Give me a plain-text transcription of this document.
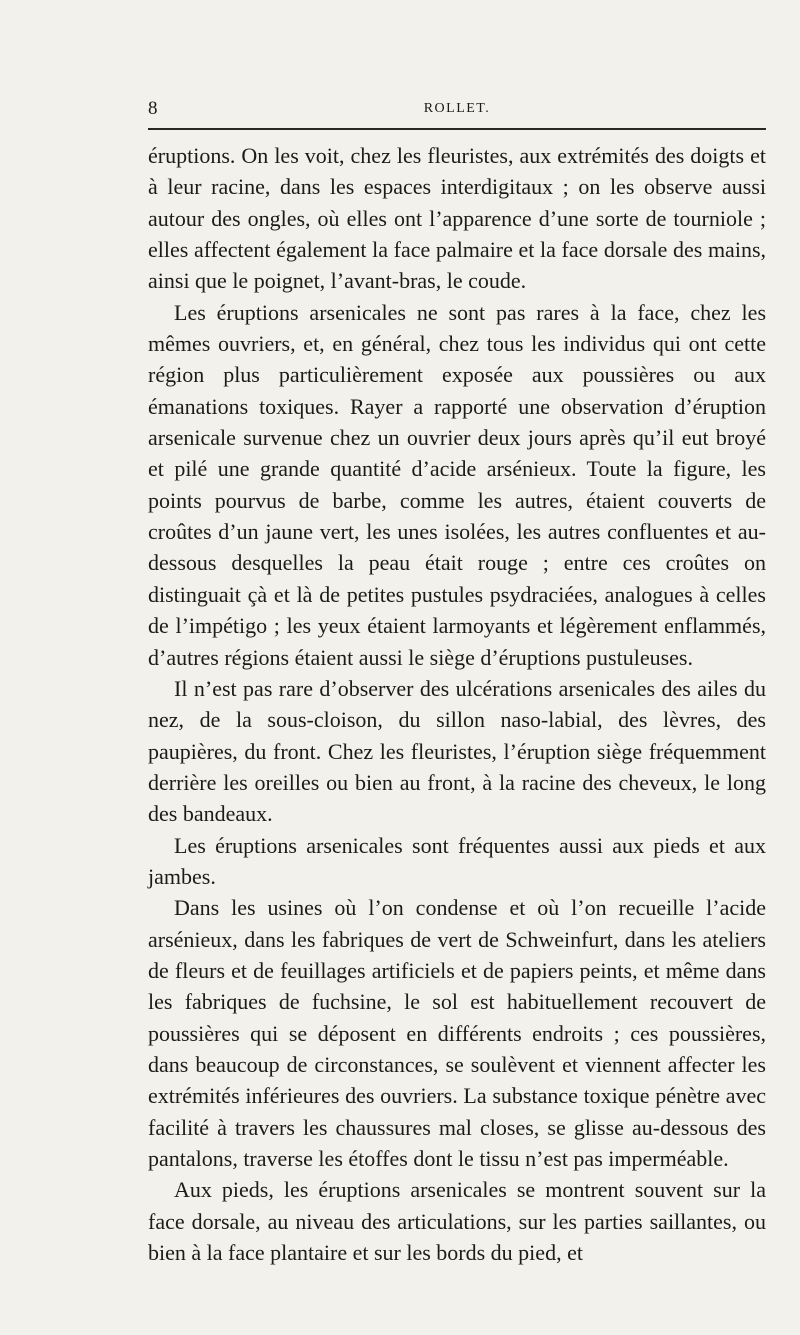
8	ROLLET.

éruptions. On les voit, chez les fleuristes, aux extrémités des doigts et à leur racine, dans les espaces interdigitaux ; on les observe aussi autour des ongles, où elles ont l’apparence d’une sorte de tourniole ; elles affectent également la face palmaire et la face dorsale des mains, ainsi que le poignet, l’avant-bras, le coude.

Les éruptions arsenicales ne sont pas rares à la face, chez les mêmes ouvriers, et, en général, chez tous les individus qui ont cette région plus particulièrement exposée aux poussières ou aux émanations toxiques. Rayer a rapporté une observation d’éruption arsenicale survenue chez un ouvrier deux jours après qu’il eut broyé et pilé une grande quantité d’acide arsénieux. Toute la figure, les points pourvus de barbe, comme les autres, étaient couverts de croûtes d’un jaune vert, les unes isolées, les autres confluentes et au-dessous desquelles la peau était rouge ; entre ces croûtes on distinguait çà et là de petites pustules psydraciées, analogues à celles de l’impétigo ; les yeux étaient larmoyants et légèrement enflammés, d’autres régions étaient aussi le siège d’éruptions pustuleuses.

Il n’est pas rare d’observer des ulcérations arsenicales des ailes du nez, de la sous-cloison, du sillon naso-labial, des lèvres, des paupières, du front. Chez les fleuristes, l’éruption siège fréquemment derrière les oreilles ou bien au front, à la racine des cheveux, le long des bandeaux.

Les éruptions arsenicales sont fréquentes aussi aux pieds et aux jambes.

Dans les usines où l’on condense et où l’on recueille l’acide arsénieux, dans les fabriques de vert de Schweinfurt, dans les ateliers de fleurs et de feuillages artificiels et de papiers peints, et même dans les fabriques de fuchsine, le sol est habituellement recouvert de poussières qui se déposent en différents endroits ; ces poussières, dans beaucoup de circonstances, se soulèvent et viennent affecter les extrémités inférieures des ouvriers. La substance toxique pénètre avec facilité à travers les chaussures mal closes, se glisse au-dessous des pantalons, traverse les étoffes dont le tissu n’est pas imperméable.

Aux pieds, les éruptions arsenicales se montrent souvent sur la face dorsale, au niveau des articulations, sur les parties saillantes, ou bien à la face plantaire et sur les bords du pied, et
